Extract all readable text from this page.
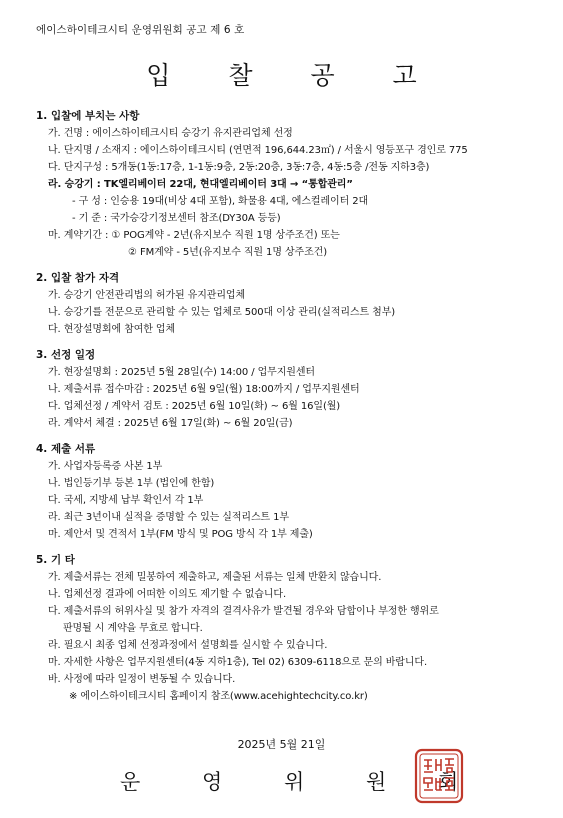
에이스하이테크시티 운영위원회 공고 제 6 호
입 찰 공 고
1. 입찰에 부치는 사항
가. 건명 : 에이스하이테크시티 승강기 유지관리업체 선정
나. 단지명 / 소재지 : 에이스하이테크시티 (연면적 196,644.23㎡) / 서울시 영등포구 경인로 775
다. 단지구성 : 5개동(1동:17층, 1-1동:9층, 2동:20층, 3동:7층, 4동:5층 /전동 지하3층)
라. 승강기 : TK엘리베이터 22대, 현대엘리베이터 3대 → “통합관리”
- 구 성 : 인승용 19대(비상 4대 포함), 화물용 4대, 에스컬레이터 2대
- 기 준 : 국가승강기정보센터 참조(DY30A 등등)
마. 계약기간 : ① POG계약 - 2년(유지보수 직원 1명 상주조건) 또는
② FM계약 - 5년(유지보수 직원 1명 상주조건)
2. 입찰 참가 자격
가. 승강기 안전관리법의 허가된 유지관리업체
나. 승강기를 전문으로 관리할 수 있는 업체로 500대 이상 관리(실적리스트 첨부)
다. 현장설명회에 참여한 업체
3. 선정 일정
가. 현장설명회 : 2025년 5월 28일(수) 14:00 / 업무지원센터
나. 제출서류 접수마감 : 2025년 6월 9일(월) 18:00까지 / 업무지원센터
다. 업체선정 / 계약서 검토 : 2025년 6월 10일(화) ~ 6월 16일(월)
라. 계약서 체결 : 2025년 6월 17일(화) ~ 6월 20일(금)
4. 제출 서류
가. 사업자등록증 사본 1부
나. 법인등기부 등본 1부 (법인에 한함)
다. 국세, 지방세 납부 확인서 각 1부
라. 최근 3년이내 실적을 증명할 수 있는 실적리스트 1부
마. 제안서 및 견적서 1부(FM 방식 및 POG 방식 각 1부 제출)
5. 기 타
가. 제출서류는 전체 밀봉하여 제출하고, 제출된 서류는 일체 반환치 않습니다.
나. 업체선정 결과에 어떠한 이의도 제기할 수 없습니다.
다. 제출서류의 허위사실 및 참가 자격의 결격사유가 발견될 경우와 담합이나 부정한 행위로
판명될 시 계약을 무효로 합니다.
라. 필요시 최종 업체 선정과정에서 설명회를 실시할 수 있습니다.
마. 자세한 사항은 업무지원센터(4동 지하1층), Tel 02) 6309-6118으로 문의 바랍니다.
바. 사정에 따라 일정이 변동될 수 있습니다.
※ 에이스하이테크시티 홈페이지 참조(www.acehightechcity.co.kr)
2025년 5월 21일
운	영	위	원 회
